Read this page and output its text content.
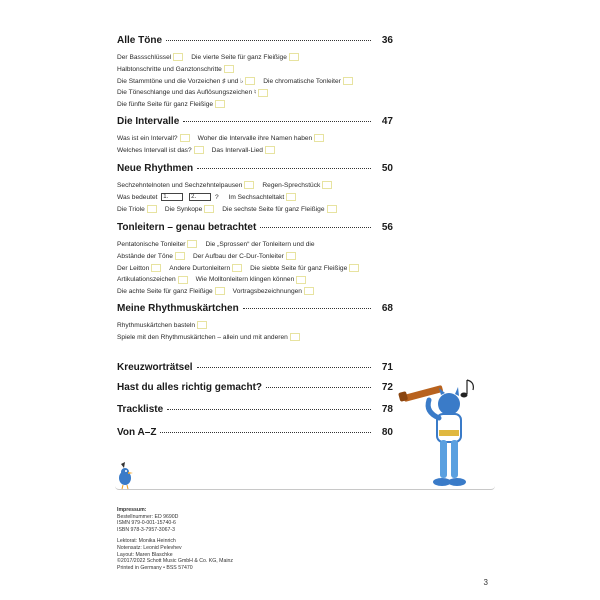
Alle Töne	36
Der Bassschlüssel	Die vierte Seite für ganz Fleißige
Halbtonschritte und Ganztonschritte
Die Stammtöne und die Vorzeichen ♯ und ♭	Die chromatische Tonleiter
Die Töneschlange und das Auflösungszeichen ♮
Die fünfte Seite für ganz Fleißige
Die Intervalle	47
Was ist ein Intervall?	Woher die Intervalle ihre Namen haben
Welches Intervall ist das?	Das Intervall-Lied
Neue Rhythmen	50
Sechzehntelnoten und Sechzehntelpausen	Regen-Sprechstück
Was bedeutet 1.	2.	? Im Sechsachteltakt
Die Triole	Die Synkope	Die sechste Seite für ganz Fleißige
Tonleitern – genau betrachtet	56
Pentatonische Tonleiter	Die „Sprossen“ der Tonleitern und die
Abstände der Töne	Der Aufbau der C-Dur-Tonleiter
Der Leitton	Andere Durtonleitern	Die siebte Seite für ganz Fleißige
Artikulationszeichen	Wie Molltonleitern klingen können
Die achte Seite für ganz Fleißige	Vortragsbezeichnungen
Meine Rhythmuskärtchen	68
Rhythmuskärtchen basteln
Spiele mit den Rhythmuskärtchen – allein und mit anderen
Kreuzworträtsel	71
Hast du alles richtig gemacht?	72
Trackliste	78
Von A–Z	80
Impressum:
Bestellnummer: ED 9690D
ISMN 979-0-001-15740-6
ISBN 978-3-7957-3067-3
Lektorat: Monika Heinrich
Notensatz: Leonid Pelevhev
Layout: Maren Blaschke
©2017/2022 Schott Music GmbH & Co. KG, Mainz
Printed in Germany • BSS 57470
3
